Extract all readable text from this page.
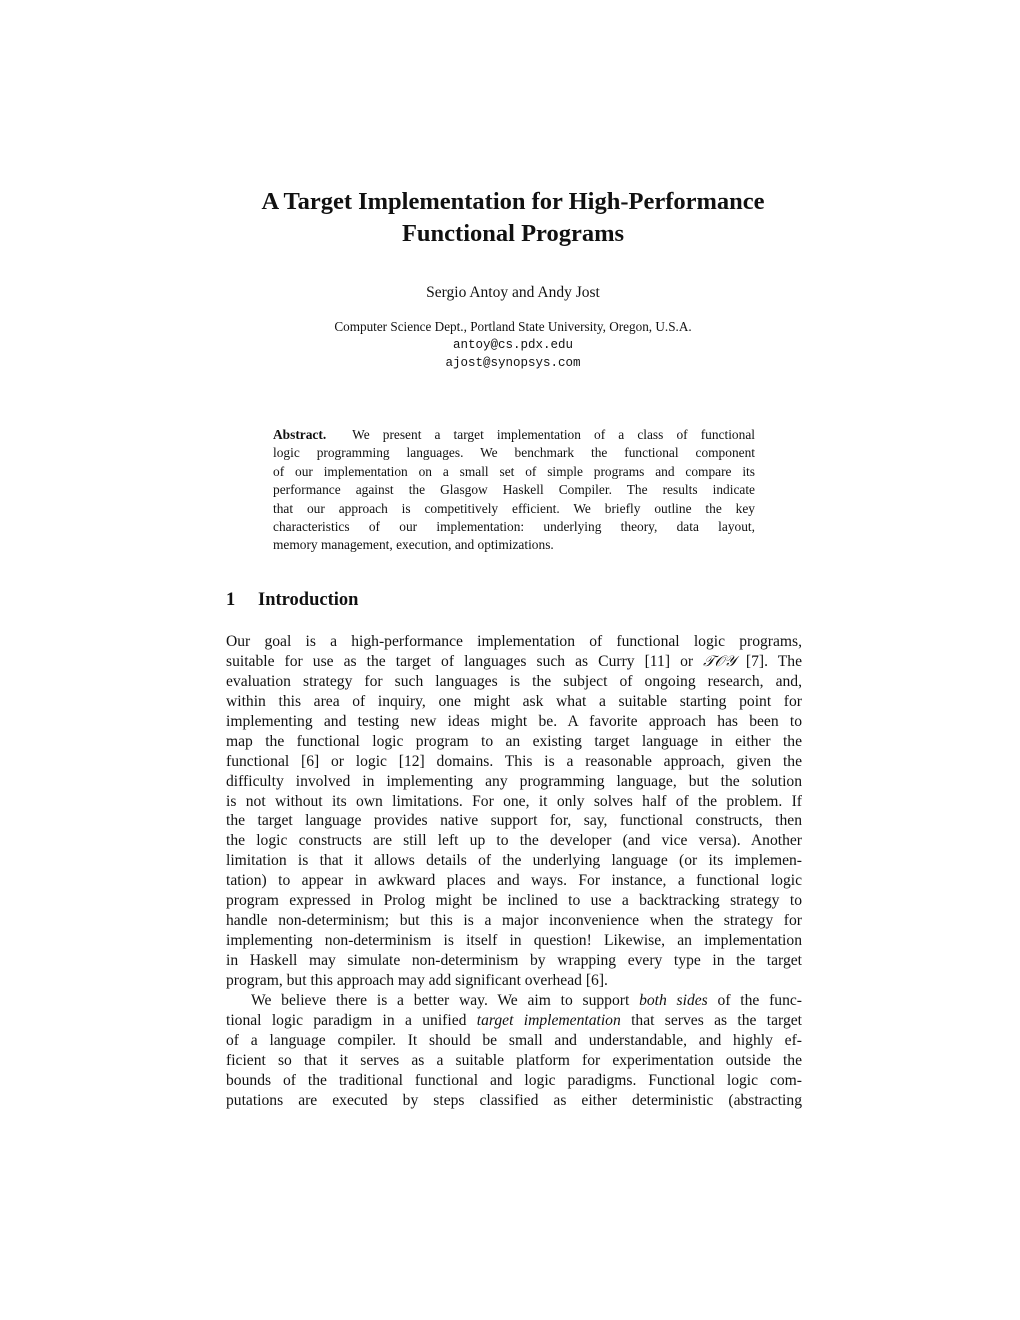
A Target Implementation for High-Performance
Functional Programs
Sergio Antoy and Andy Jost
Computer Science Dept., Portland State University, Oregon, U.S.A.
antoy@cs.pdx.edu
ajost@synopsys.com
Abstract. We present a target implementation of a class of functional
logic programming languages. We benchmark the functional component
of our implementation on a small set of simple programs and compare its
performance against the Glasgow Haskell Compiler. The results indicate
that our approach is competitively efficient. We briefly outline the key
characteristics of our implementation: underlying theory, data layout,
memory management, execution, and optimizations.
1 Introduction
Our goal is a high-performance implementation of functional logic programs,
suitable for use as the target of languages such as Curry [11] or 𝒯𝒪𝒴 [7]. The
evaluation strategy for such languages is the subject of ongoing research, and,
within this area of inquiry, one might ask what a suitable starting point for
implementing and testing new ideas might be. A favorite approach has been to
map the functional logic program to an existing target language in either the
functional [6] or logic [12] domains. This is a reasonable approach, given the
difficulty involved in implementing any programming language, but the solution
is not without its own limitations. For one, it only solves half of the problem. If
the target language provides native support for, say, functional constructs, then
the logic constructs are still left up to the developer (and vice versa). Another
limitation is that it allows details of the underlying language (or its implemen-
tation) to appear in awkward places and ways. For instance, a functional logic
program expressed in Prolog might be inclined to use a backtracking strategy to
handle non-determinism; but this is a major inconvenience when the strategy for
implementing non-determinism is itself in question! Likewise, an implementation
in Haskell may simulate non-determinism by wrapping every type in the target
program, but this approach may add significant overhead [6].
We believe there is a better way. We aim to support both sides of the func-
tional logic paradigm in a unified target implementation that serves as the target
of a language compiler. It should be small and understandable, and highly ef-
ficient so that it serves as a suitable platform for experimentation outside the
bounds of the traditional functional and logic paradigms. Functional logic com-
putations are executed by steps classified as either deterministic (abstracting
